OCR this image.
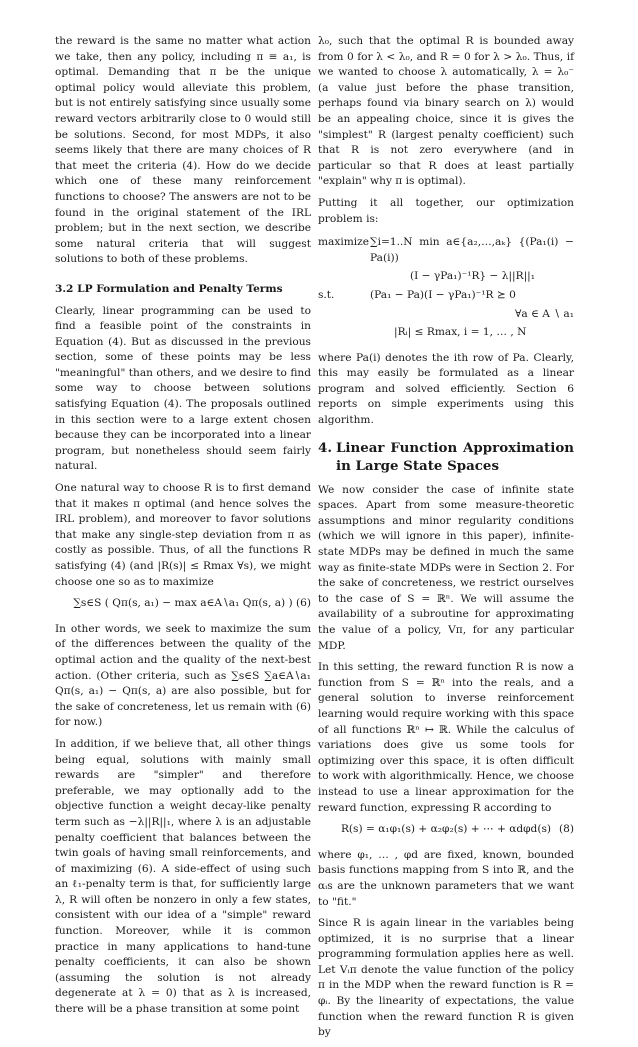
the reward is the same no matter what action we take, then any policy, including π ≡ a₁, is optimal. Demanding that π be the unique optimal policy would alleviate this problem, but is not entirely satisfying since usually some reward vectors arbitrarily close to 0 would still be solutions. Second, for most MDPs, it also seems likely that there are many choices of R that meet the criteria (4). How do we decide which one of these many reinforcement functions to choose? The answers are not to be found in the original statement of the IRL problem; but in the next section, we describe some natural criteria that will suggest solutions to both of these problems.

3.2 LP Formulation and Penalty Terms

Clearly, linear programming can be used to find a feasible point of the constraints in Equation (4). But as discussed in the previous section, some of these points may be less "meaningful" than others, and we desire to find some way to choose between solutions satisfying Equation (4). The proposals outlined in this section were to a large extent chosen because they can be incorporated into a linear program, but nonetheless should seem fairly natural.

One natural way to choose R is to first demand that it makes π optimal (and hence solves the IRL problem), and moreover to favor solutions that make any single-step deviation from π as costly as possible. Thus, of all the functions R satisfying (4) (and |R(s)| ≤ Rmax ∀s), we might choose one so as to maximize

∑s∈S ( Qπ(s, a₁) − max a∈A∖a₁ Qπ(s, a) ) (6)

In other words, we seek to maximize the sum of the differences between the quality of the optimal action and the quality of the next-best action. (Other criteria, such as ∑s∈S ∑a∈A∖a₁ Qπ(s, a₁) − Qπ(s, a) are also possible, but for the sake of concreteness, let us remain with (6) for now.)

In addition, if we believe that, all other things being equal, solutions with mainly small rewards are "simpler" and therefore preferable, we may optionally add to the objective function a weight decay-like penalty term such as −λ||R||₁, where λ is an adjustable penalty coefficient that balances between the twin goals of having small reinforcements, and of maximizing (6). A side-effect of using such an ℓ₁-penalty term is that, for sufficiently large λ, R will often be nonzero in only a few states, consistent with our idea of a "simple" reward function. Moreover, while it is common practice in many applications to hand-tune penalty coefficients, it can also be shown (assuming the solution is not already degenerate at λ = 0) that as λ is increased, there will be a phase transition at some point

λ₀, such that the optimal R is bounded away from 0 for λ < λ₀, and R = 0 for λ > λ₀. Thus, if we wanted to choose λ automatically, λ = λ₀⁻ (a value just before the phase transition, perhaps found via binary search on λ) would be an appealing choice, since it is gives the "simplest" R (largest penalty coefficient) such that R is not zero everywhere (and in particular so that R does at least partially "explain" why π is optimal).

Putting it all together, our optimization problem is:

maximize ∑i=1..N min a∈{a₂,…,aₖ} {(Pa₁(i) − Pa(i))
(I − γPa₁)⁻¹R} − λ||R||₁
s.t.	(Pa₁ − Pa)(I − γPa₁)⁻¹R ⪰ 0
∀a ∈ A ∖ a₁
|Rᵢ| ≤ Rmax, i = 1, … , N

where Pa(i) denotes the ith row of Pa. Clearly, this may easily be formulated as a linear program and solved efficiently. Section 6 reports on simple experiments using this algorithm.

4. Linear Function Approximation in Large State Spaces

We now consider the case of infinite state spaces. Apart from some measure-theoretic assumptions and minor regularity conditions (which we will ignore in this paper), infinite-state MDPs may be defined in much the same way as finite-state MDPs were in Section 2. For the sake of concreteness, we restrict ourselves to the case of S = ℝⁿ. We will assume the availability of a subroutine for approximating the value of a policy, Vπ, for any particular MDP.

In this setting, the reward function R is now a function from S = ℝⁿ into the reals, and a general solution to inverse reinforcement learning would require working with this space of all functions ℝⁿ ↦ ℝ. While the calculus of variations does give us some tools for optimizing over this space, it is often difficult to work with algorithmically. Hence, we choose instead to use a linear approximation for the reward function, expressing R according to

R(s) = α₁φ₁(s) + α₂φ₂(s) + ⋯ + αdφd(s) (8)

where φ₁, … , φd are fixed, known, bounded basis functions mapping from S into ℝ, and the αᵢs are the unknown parameters that we want to "fit."

Since R is again linear in the variables being optimized, it is no surprise that a linear programming formulation applies here as well. Let Vᵢπ denote the value function of the policy π in the MDP when the reward function is R = φᵢ. By the linearity of expectations, the value function when the reward function R is given by
